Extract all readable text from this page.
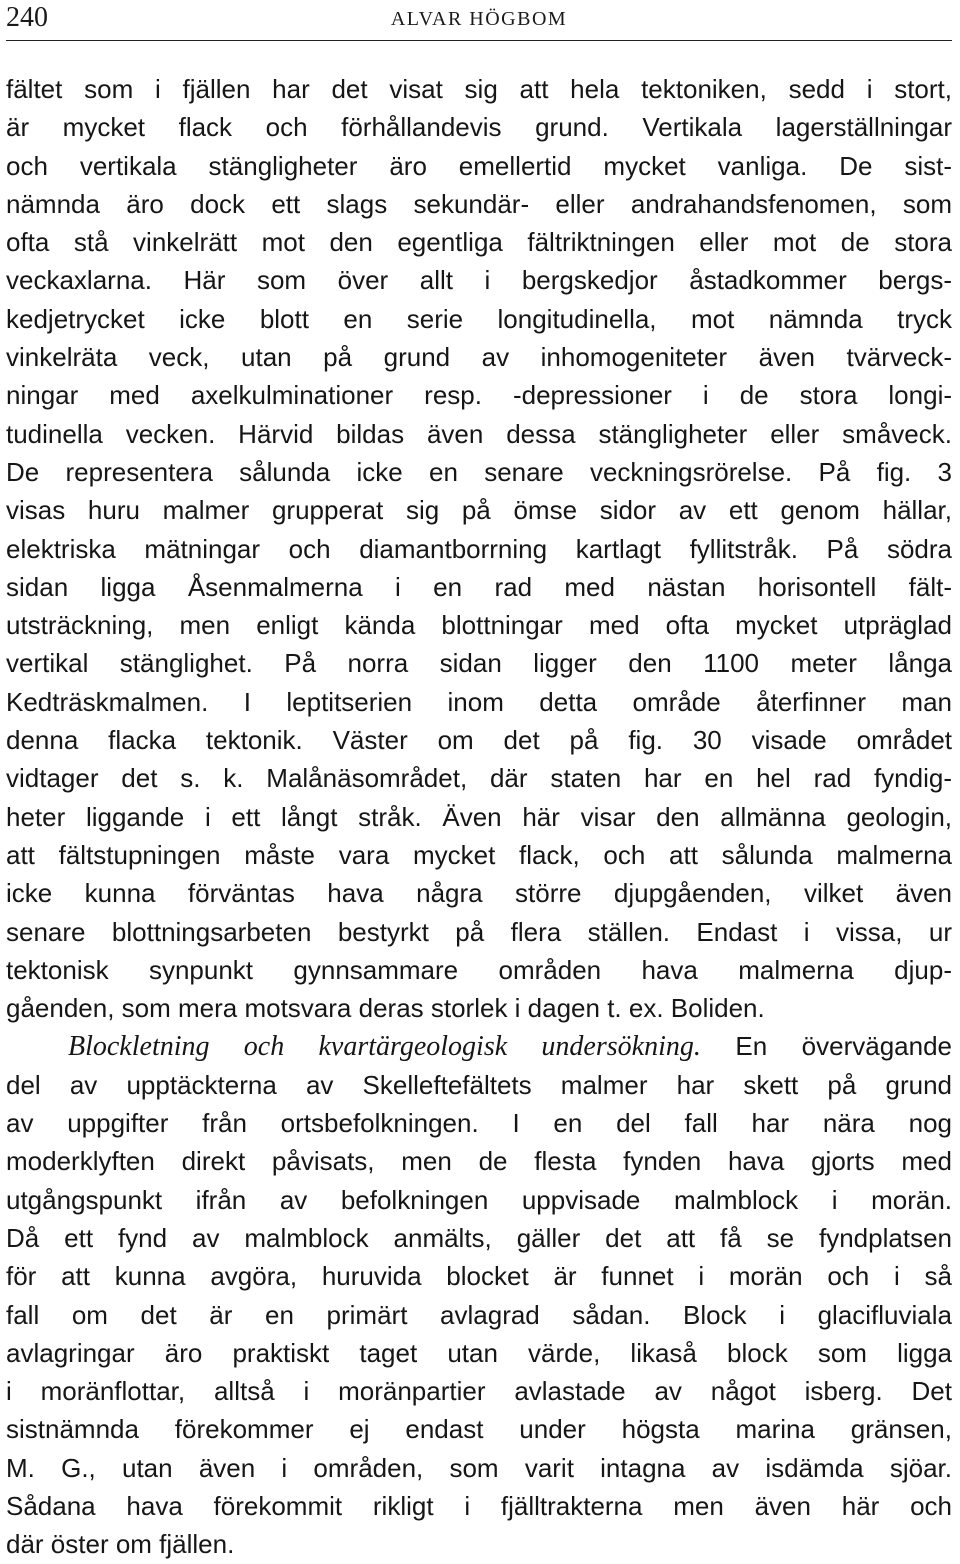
240	ALVAR HÖGBOM
fältet som i fjällen har det visat sig att hela tektoniken, sedd i stort,
är mycket flack och förhållandevis grund. Vertikala lagerställningar
och vertikala stängligheter äro emellertid mycket vanliga. De sist-
nämnda äro dock ett slags sekundär- eller andrahandsfenomen, som
ofta stå vinkelrätt mot den egentliga fältriktningen eller mot de stora
veckaxlarna. Här som över allt i bergskedjor åstadkommer bergs-
kedjetrycket icke blott en serie longitudinella, mot nämnda tryck
vinkelräta veck, utan på grund av inhomogeniteter även tvärveck-
ningar med axelkulminationer resp. -depressioner i de stora longi-
tudinella vecken. Härvid bildas även dessa stängligheter eller småveck.
De representera sålunda icke en senare veckningsrörelse. På fig. 3
visas huru malmer grupperat sig på ömse sidor av ett genom hällar,
elektriska mätningar och diamantborrning kartlagt fyllitstråk. På södra
sidan ligga Åsenmalmerna i en rad med nästan horisontell fält-
utsträckning, men enligt kända blottningar med ofta mycket utpräglad
vertikal stänglighet. På norra sidan ligger den 1100 meter långa
Kedträskmalmen. I leptitserien inom detta område återfinner man
denna flacka tektonik. Väster om det på fig. 30 visade området
vidtager det s. k. Malånäsområdet, där staten har en hel rad fyndig-
heter liggande i ett långt stråk. Även här visar den allmänna geologin,
att fältstupningen måste vara mycket flack, och att sålunda malmerna
icke kunna förväntas hava några större djupgåenden, vilket även
senare blottningsarbeten bestyrkt på flera ställen. Endast i vissa, ur
tektonisk synpunkt gynnsammare områden hava malmerna djup-
gåenden, som mera motsvara deras storlek i dagen t. ex. Boliden.
Blockletning och kvartärgeologisk undersökning. En övervägande
del av upptäckterna av Skelleftefältets malmer har skett på grund
av uppgifter från ortsbefolkningen. I en del fall har nära nog
moderklyften direkt påvisats, men de flesta fynden hava gjorts med
utgångspunkt ifrån av befolkningen uppvisade malmblock i morän.
Då ett fynd av malmblock anmälts, gäller det att få se fyndplatsen
för att kunna avgöra, huruvida blocket är funnet i morän och i så
fall om det är en primärt avlagrad sådan. Block i glacifluviala
avlagringar äro praktiskt taget utan värde, likaså block som ligga
i moränflottar, alltså i moränpartier avlastade av något isberg. Det
sistnämnda förekommer ej endast under högsta marina gränsen,
M. G., utan även i områden, som varit intagna av isdämda sjöar.
Sådana hava förekommit rikligt i fjälltrakterna men även här och
där öster om fjällen.
